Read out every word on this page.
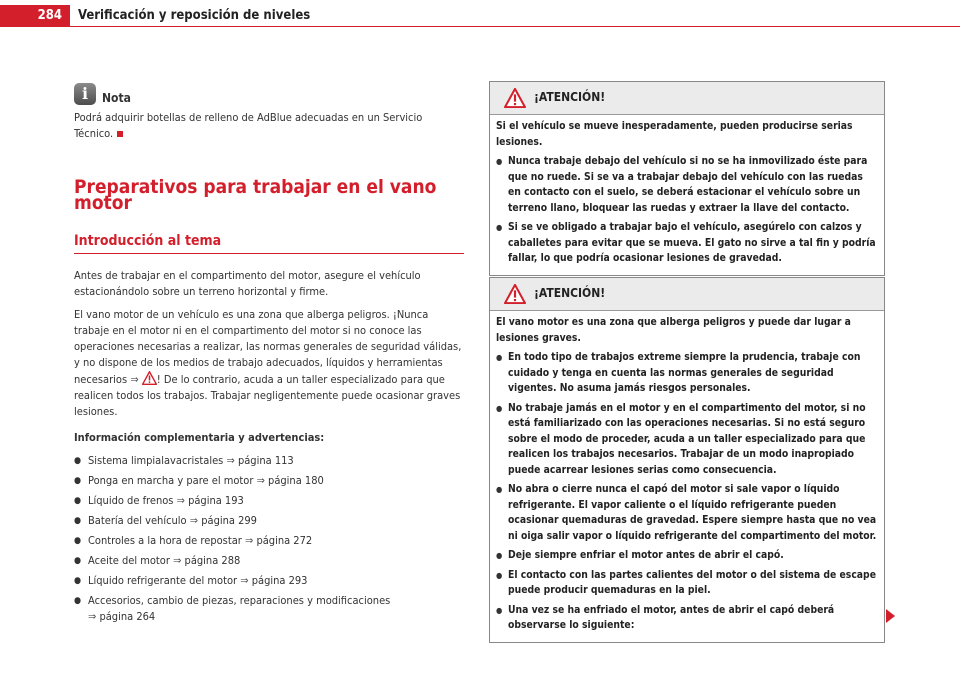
284	Verificación y reposición de niveles
i	Nota

Podrá adquirir botellas de relleno de AdBlue adecuadas en un Servicio Técnico.

Preparativos para trabajar en el vano motor
Introducción al tema

Antes de trabajar en el compartimento del motor, asegure el vehículo estacionándolo sobre un terreno horizontal y firme.

El vano motor de un vehículo es una zona que alberga peligros. ¡Nunca trabaje en el motor ni en el compartimento del motor si no conoce las operaciones necesarias a realizar, las normas generales de seguridad válidas, y no dispone de los medios de trabajo adecuados, líquidos y herramientas necesarios ⇒ ! De lo contrario, acuda a un taller especializado para que realicen todos los trabajos. Trabajar negligentemente puede ocasionar graves lesiones.

Información complementaria y advertencias:

● Sistema limpialavacristales ⇒ página 113
● Ponga en marcha y pare el motor ⇒ página 180
● Líquido de frenos ⇒ página 193
● Batería del vehículo ⇒ página 299
● Controles a la hora de repostar ⇒ página 272
● Aceite del motor ⇒ página 288
● Líquido refrigerante del motor ⇒ página 293
● Accesorios, cambio de piezas, reparaciones y modificaciones
⇒ página 264
¡ATENCIÓN!

Si el vehículo se mueve inesperadamente, pueden producirse serias lesiones.

● Nunca trabaje debajo del vehículo si no se ha inmovilizado éste para que no ruede. Si se va a trabajar debajo del vehículo con las ruedas en contacto con el suelo, se deberá estacionar el vehículo sobre un terreno llano, bloquear las ruedas y extraer la llave del contacto.
● Si se ve obligado a trabajar bajo el vehículo, asegúrelo con calzos y caballetes para evitar que se mueva. El gato no sirve a tal fin y podría fallar, lo que podría ocasionar lesiones de gravedad.
¡ATENCIÓN!

El vano motor es una zona que alberga peligros y puede dar lugar a lesiones graves.

● En todo tipo de trabajos extreme siempre la prudencia, trabaje con cuidado y tenga en cuenta las normas generales de seguridad vigentes. No asuma jamás riesgos personales.
● No trabaje jamás en el motor y en el compartimento del motor, si no está familiarizado con las operaciones necesarias. Si no está seguro sobre el modo de proceder, acuda a un taller especializado para que realicen los trabajos necesarios. Trabajar de un modo inapropiado puede acarrear lesiones serias como consecuencia.
● No abra o cierre nunca el capó del motor si sale vapor o líquido refrigerante. El vapor caliente o el líquido refrigerante pueden ocasionar quemaduras de gravedad. Espere siempre hasta que no vea ni oiga salir vapor o líquido refrigerante del compartimento del motor.
● Deje siempre enfriar el motor antes de abrir el capó.
● El contacto con las partes calientes del motor o del sistema de escape puede producir quemaduras en la piel.
● Una vez se ha enfriado el motor, antes de abrir el capó deberá observarse lo siguiente:
